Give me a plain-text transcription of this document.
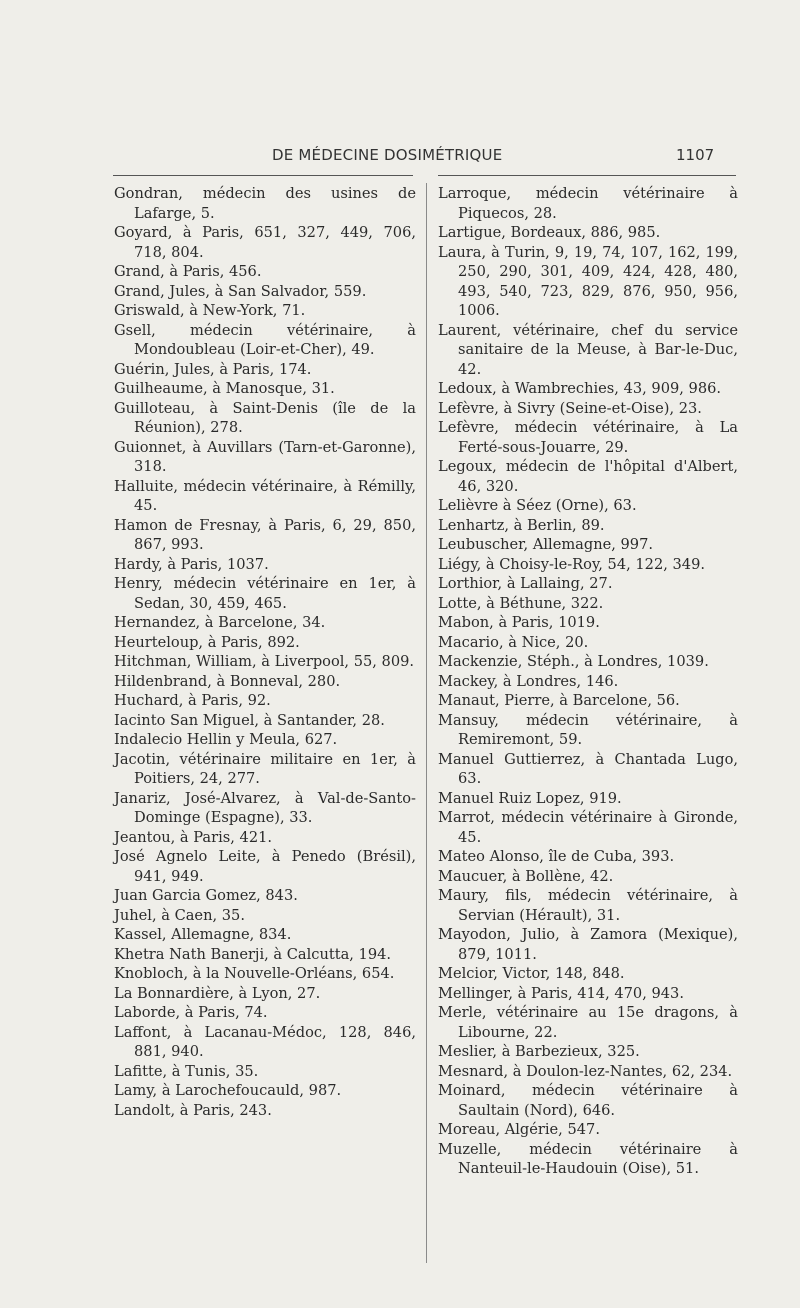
DE MÉDECINE DOSIMÉTRIQUE	1107

Gondran, médecin des usines de Lafarge, 5.

Goyard, à Paris, 651, 327, 449, 706, 718, 804.

Grand, à Paris, 456.

Grand, Jules, à San Salvador, 559.

Griswald, à New-York, 71.

Gsell, médecin vétérinaire, à Mondoubleau (Loir-et-Cher), 49.

Guérin, Jules, à Paris, 174.

Guilheaume, à Manosque, 31.

Guilloteau, à Saint-Denis (île de la Réunion), 278.

Guionnet, à Auvillars (Tarn-et-Garonne), 318.

Halluite, médecin vétérinaire, à Rémilly, 45.

Hamon de Fresnay, à Paris, 6, 29, 850, 867, 993.

Hardy, à Paris, 1037.

Henry, médecin vétérinaire en 1er, à Sedan, 30, 459, 465.

Hernandez, à Barcelone, 34.

Heurteloup, à Paris, 892.

Hitchman, William, à Liverpool, 55, 809.

Hildenbrand, à Bonneval, 280.

Huchard, à Paris, 92.

Iacinto San Miguel, à Santander, 28.

Indalecio Hellin y Meula, 627.

Jacotin, vétérinaire militaire en 1er, à Poitiers, 24, 277.

Janariz, José-Alvarez, à Val-de-Santo-Dominge (Espagne), 33.

Jeantou, à Paris, 421.

José Agnelo Leite, à Penedo (Brésil), 941, 949.

Juan Garcia Gomez, 843.

Juhel, à Caen, 35.

Kassel, Allemagne, 834.

Khetra Nath Banerji, à Calcutta, 194.

Knobloch, à la Nouvelle-Orléans, 654.

La Bonnardière, à Lyon, 27.

Laborde, à Paris, 74.

Laffont, à Lacanau-Médoc, 128, 846, 881, 940.

Lafitte, à Tunis, 35.

Lamy, à Larochefoucauld, 987.

Landolt, à Paris, 243.

Larroque, médecin vétérinaire à Piquecos, 28.

Lartigue, Bordeaux, 886, 985.

Laura, à Turin, 9, 19, 74, 107, 162, 199, 250, 290, 301, 409, 424, 428, 480, 493, 540, 723, 829, 876, 950, 956, 1006.

Laurent, vétérinaire, chef du service sanitaire de la Meuse, à Bar-le-Duc, 42.

Ledoux, à Wambrechies, 43, 909, 986.

Lefèvre, à Sivry (Seine-et-Oise), 23.

Lefèvre, médecin vétérinaire, à La Ferté-sous-Jouarre, 29.

Legoux, médecin de l'hôpital d'Albert, 46, 320.

Lelièvre à Séez (Orne), 63.

Lenhartz, à Berlin, 89.

Leubuscher, Allemagne, 997.

Liégy, à Choisy-le-Roy, 54, 122, 349.

Lorthior, à Lallaing, 27.

Lotte, à Béthune, 322.

Mabon, à Paris, 1019.

Macario, à Nice, 20.

Mackenzie, Stéph., à Londres, 1039.

Mackey, à Londres, 146.

Manaut, Pierre, à Barcelone, 56.

Mansuy, médecin vétérinaire, à Remiremont, 59.

Manuel Guttierrez, à Chantada Lugo, 63.

Manuel Ruiz Lopez, 919.

Marrot, médecin vétérinaire à Gironde, 45.

Mateo Alonso, île de Cuba, 393.

Maucuer, à Bollène, 42.

Maury, fils, médecin vétérinaire, à Servian (Hérault), 31.

Mayodon, Julio, à Zamora (Mexique), 879, 1011.

Melcior, Victor, 148, 848.

Mellinger, à Paris, 414, 470, 943.

Merle, vétérinaire au 15e dragons, à Libourne, 22.

Meslier, à Barbezieux, 325.

Mesnard, à Doulon-lez-Nantes, 62, 234.

Moinard, médecin vétérinaire à Saultain (Nord), 646.

Moreau, Algérie, 547.

Muzelle, médecin vétérinaire à Nanteuil-le-Haudouin (Oise), 51.
